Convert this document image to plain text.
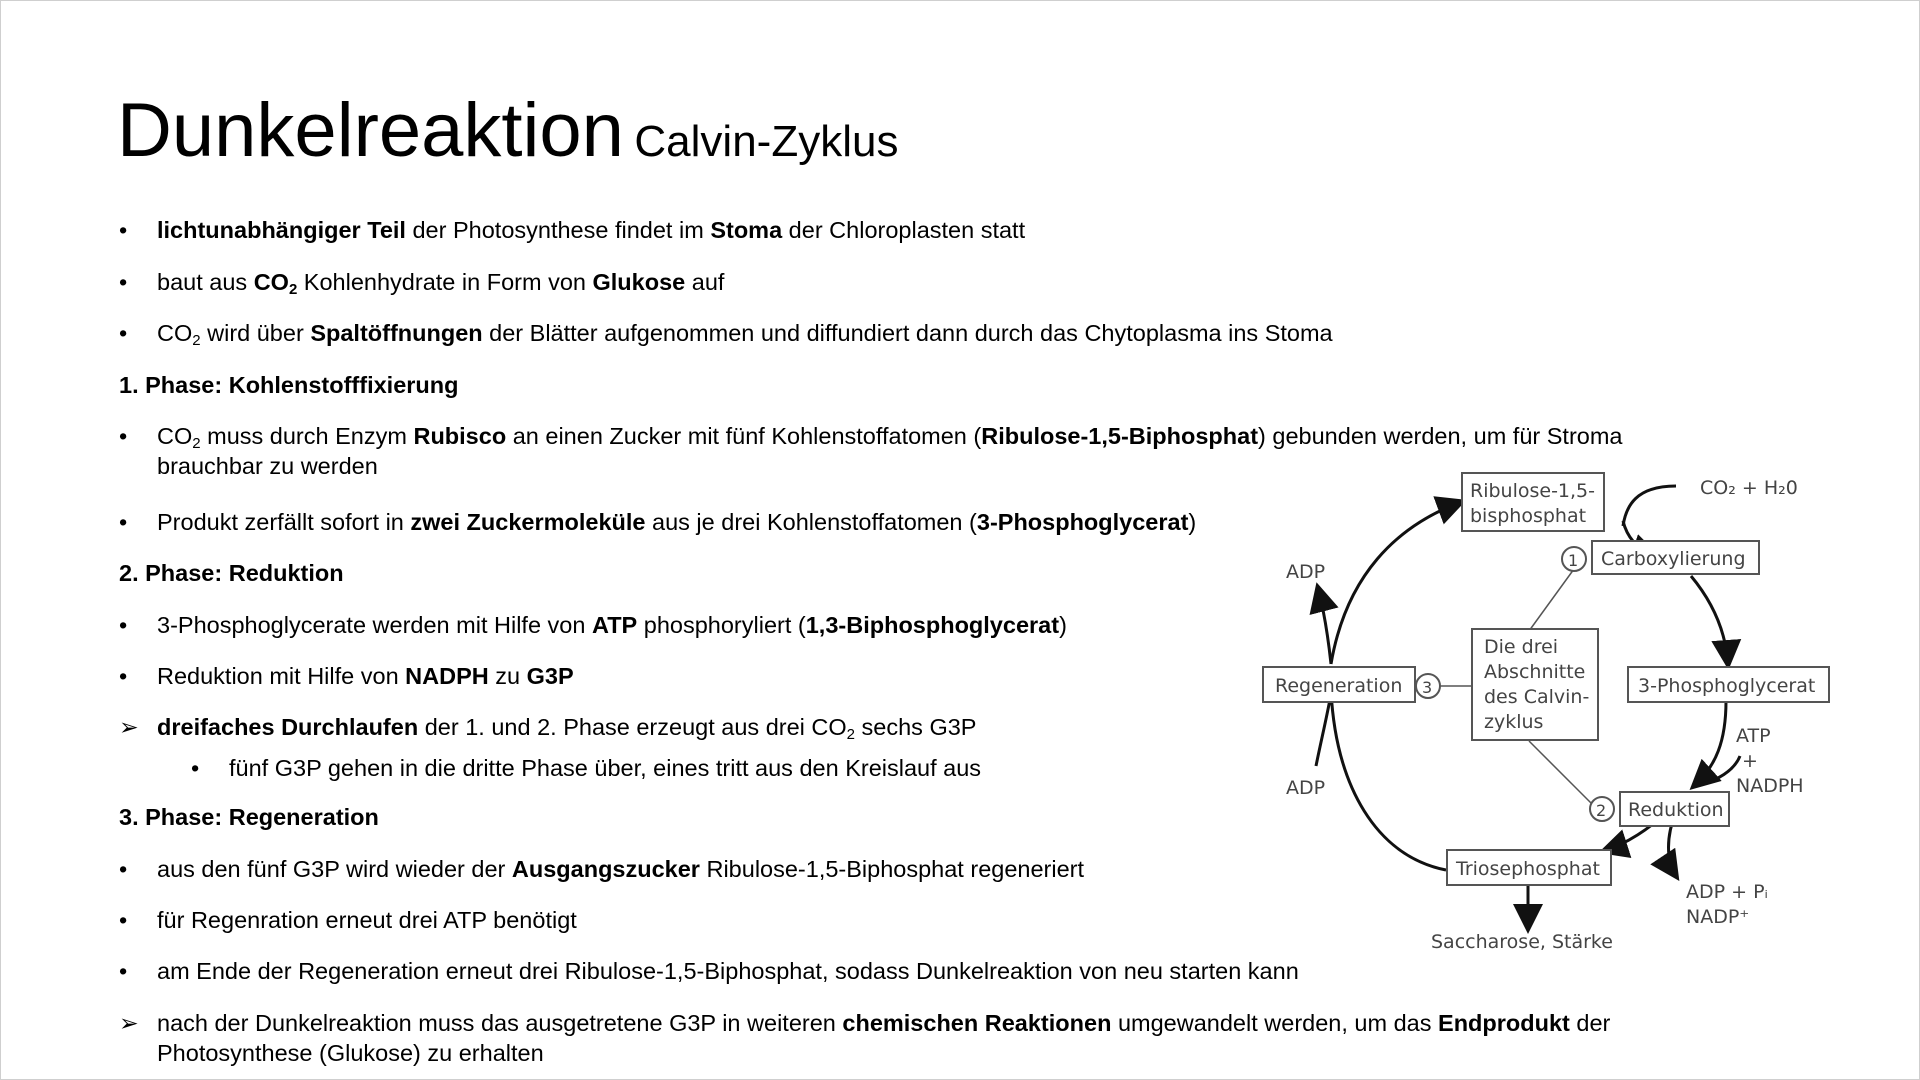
Dunkelreaktion Calvin-Zyklus
•	lichtunabhängiger Teil der Photosynthese findet im Stoma der Chloroplasten statt
•	baut aus $CO_2$ Kohlenhydrate in Form von Glukose auf
•	$CO_2$ wird über Spaltöffnungen der Blätter aufgenommen und diffundiert dann durch das Chytoplasma ins Stoma
1. Phase: Kohlenstofffixierung
•	$CO_2$ muss durch Enzym Rubisco an einen Zucker mit fünf Kohlenstoffatomen (Ribulose-1,5-Biphosphat) gebunden werden, um für Stroma brauchbar zu werden
•	Produkt zerfällt sofort in zwei Zuckermoleküle aus je drei Kohlenstoffatomen (3-Phosphoglycerat)
2. Phase: Reduktion
•	3-Phosphoglycerate werden mit Hilfe von ATP phosphoryliert (1,3-Biphosphoglycerat)
•	Reduktion mit Hilfe von NADPH zu G3P
➢ dreifaches Durchlaufen der 1. und 2. Phase erzeugt aus drei $CO_2$ sechs G3P
•	fünf G3P gehen in die dritte Phase über, eines tritt aus den Kreislauf aus
3. Phase: Regeneration
•	aus den fünf G3P wird wieder der Ausgangszucker Ribulose-1,5-Biphosphat regeneriert
•	für Regenration erneut drei ATP benötigt
•	am Ende der Regeneration erneut drei Ribulose-1,5-Biphosphat, sodass Dunkelreaktion von neu starten kann
➢ nach der Dunkelreaktion muss das ausgetretene G3P in weiteren chemischen Reaktionen umgewandelt werden, um das Endprodukt der Photosynthese (Glukose) zu erhalten
Ribulose-1,5-
bisphosphat
CO₂ + H₂0
1 Carboxylierung
3-Phosphoglycerat
ATP
+
NADPH
2 Reduktion
ADP + Pᵢ
NADP⁺
Triosephosphat
Saccharose, Stärke
Regeneration 3
ADP
ADP
Die drei
Abschnitte
des Calvin-
zyklus
